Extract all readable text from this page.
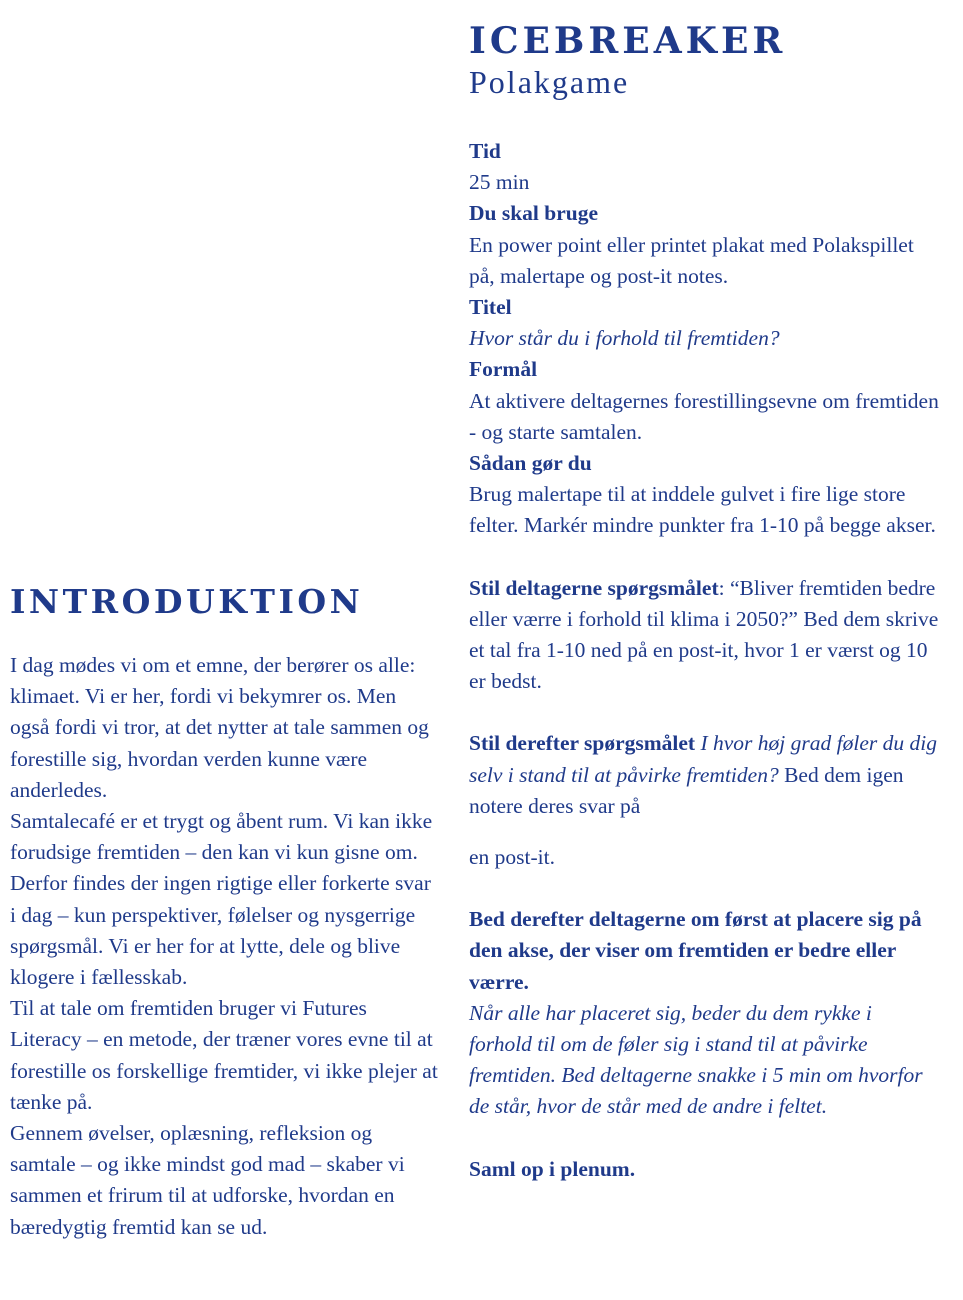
INTRODUKTION

I dag mødes vi om et emne, der berører os alle: klimaet. Vi er her, fordi vi bekymrer os. Men også fordi vi tror, at det nytter at tale sammen og forestille sig, hvordan verden kunne være anderledes.

Samtalecafé er et trygt og åbent rum. Vi kan ikke forudsige fremtiden – den kan vi kun gisne om. Derfor findes der ingen rigtige eller forkerte svar i dag – kun perspektiver, følelser og nysgerrige spørgsmål. Vi er her for at lytte, dele og blive klogere i fællesskab.

Til at tale om fremtiden bruger vi Futures Literacy – en metode, der træner vores evne til at forestille os forskellige fremtider, vi ikke plejer at tænke på.

Gennem øvelser, oplæsning, refleksion og samtale – og ikke mindst god mad – skaber vi sammen et frirum til at udforske, hvordan en bæredygtig fremtid kan se ud.

ICEBREAKER
Polakgame

Tid

25 min

Du skal bruge

En power point eller printet plakat med Polakspillet på, malertape og post-it notes.

Titel

Hvor står du i forhold til fremtiden?

Formål

At aktivere deltagernes forestillingsevne om fremtiden - og starte samtalen.

Sådan gør du

Brug malertape til at inddele gulvet i fire lige store felter. Markér mindre punkter fra 1-10 på begge akser.

Stil deltagerne spørgsmålet: “Bliver fremtiden bedre eller værre i forhold til klima i 2050?” Bed dem skrive et tal fra 1-10 ned på en post-it, hvor 1 er værst og 10 er bedst.

Stil derefter spørgsmålet I hvor høj grad føler du dig selv i stand til at påvirke fremtiden? Bed dem igen notere deres svar på

en post-it.

Bed derefter deltagerne om først at placere sig på den akse, der viser om fremtiden er bedre eller værre.

Når alle har placeret sig, beder du dem rykke i forhold til om de føler sig i stand til at påvirke fremtiden. Bed deltagerne snakke i 5 min om hvorfor de står, hvor de står med de andre i feltet.

Saml op i plenum.
